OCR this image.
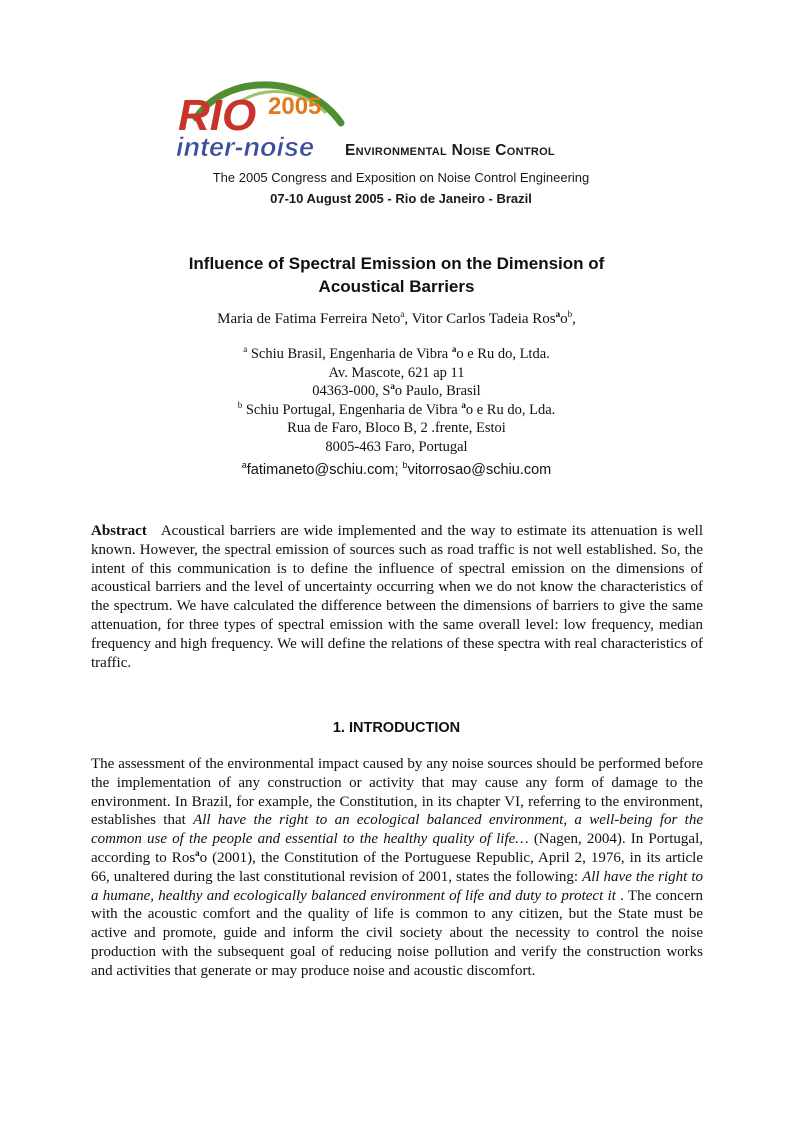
RIO 2005
inter-noise Environmental Noise Control
The 2005 Congress and Exposition on Noise Control Engineering
07-10 August 2005 - Rio de Janeiro - Brazil
Influence of Spectral Emission on the Dimension of
Acoustical Barriers
Maria de Fatima Ferreira Neto$^a$, Vitor Carlos Tadeia $Ros^ao^b$,
$^a$ Schiu Brasil, Engenharia de Vibra $^a$o e Ru do, Ltda.
Av. Mascote, 621 ap 11
04363-000, $S^ao$ Paulo, Brasil
$^b$ Schiu Portugal, Engenharia de Vibra $^a$o e Ru do, Lda.
Rua de Faro, Bloco B, 2 .frente, Estoi
8005-463 Faro, Portugal
$^a$fatimaneto@schiu.com; $^b$vitorrosao@schiu.com
Abstract Acoustical barriers are wide implemented and the way to estimate its attenuation is well known. However, the spectral emission of sources such as road traffic is not well established. So, the intent of this communication is to define the influence of spectral emission on the dimensions of acoustical barriers and the level of uncertainty occurring when we do not know the characteristics of the spectrum. We have calculated the difference between the dimensions of barriers to give the same attenuation, for three types of spectral emission with the same overall level: low frequency, median frequency and high frequency. We will define the relations of these spectra with real characteristics of traffic.
1. INTRODUCTION
The assessment of the environmental impact caused by any noise sources should be performed before the implementation of any construction or activity that may cause any form of damage to the environment. In Brazil, for example, the Constitution, in its chapter VI, referring to the environment, establishes that All have the right to an ecological balanced environment, a well-being for the common use of the people and essential to the healthy quality of life… (Nagen, 2004). In Portugal, according to Ros$^a$o (2001), the Constitution of the Portuguese Republic, April 2, 1976, in its article 66, unaltered during the last constitutional revision of 2001, states the following: All have the right to a humane, healthy and ecologically balanced environment of life and duty to protect it . The concern with the acoustic comfort and the quality of life is common to any citizen, but the State must be active and promote, guide and inform the civil society about the necessity to control the noise production with the subsequent goal of reducing noise pollution and verify the construction works and activities that generate or may produce noise and acoustic discomfort.
